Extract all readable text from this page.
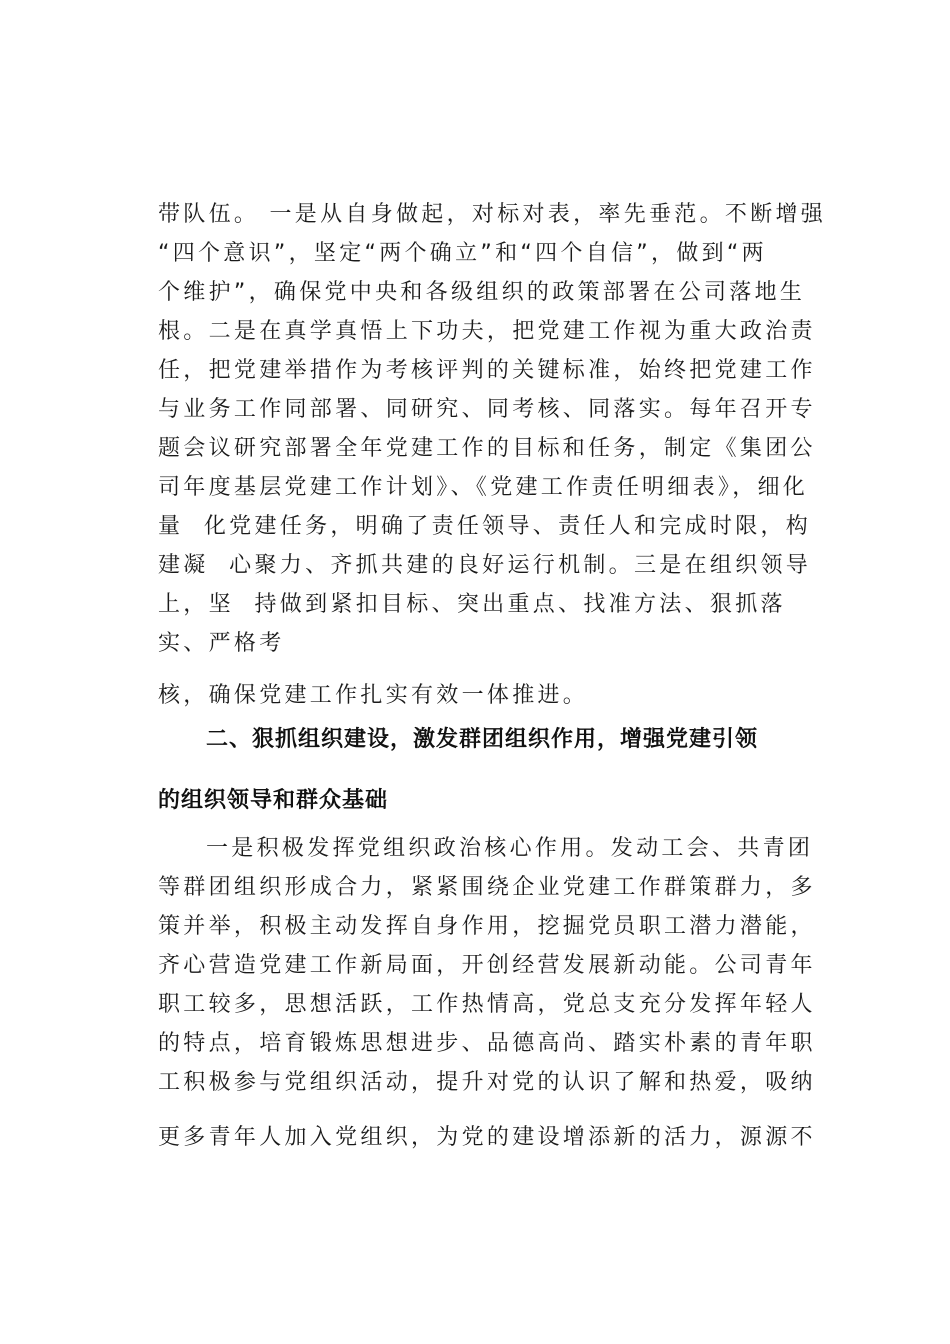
带队伍。 一是从自身做起，对标对表，率先垂范。不断增强
“四个意识”，坚定“两个确立”和“四个自信”，做到“两
个维护”，确保党中央和各级组织的政策部署在公司落地生
根。二是在真学真悟上下功夫，把党建工作视为重大政治责
任，把党建举措作为考核评判的关键标准，始终把党建工作
与业务工作同部署、同研究、同考核、同落实。每年召开专
题会议研究部署全年党建工作的目标和任务，制定《集团公
司年度基层党建工作计划》、《党建工作责任明细表》，细化
量  化党建任务，明确了责任领导、责任人和完成时限，构
建凝  心聚力、齐抓共建的良好运行机制。三是在组织领导
上，坚  持做到紧扣目标、突出重点、找准方法、狠抓落
实、严格考
核，确保党建工作扎实有效一体推进。
二、狠抓组织建设，激发群团组织作用，增强党建引领
的组织领导和群众基础
一是积极发挥党组织政治核心作用。发动工会、共青团
等群团组织形成合力，紧紧围绕企业党建工作群策群力，多
策并举，积极主动发挥自身作用，挖掘党员职工潜力潜能，
齐心营造党建工作新局面，开创经营发展新动能。公司青年
职工较多，思想活跃，工作热情高，党总支充分发挥年轻人
的特点，培育锻炼思想进步、品德高尚、踏实朴素的青年职
工积极参与党组织活动，提升对党的认识了解和热爱，吸纳
更多青年人加入党组织，为党的建设增添新的活力，源源不
